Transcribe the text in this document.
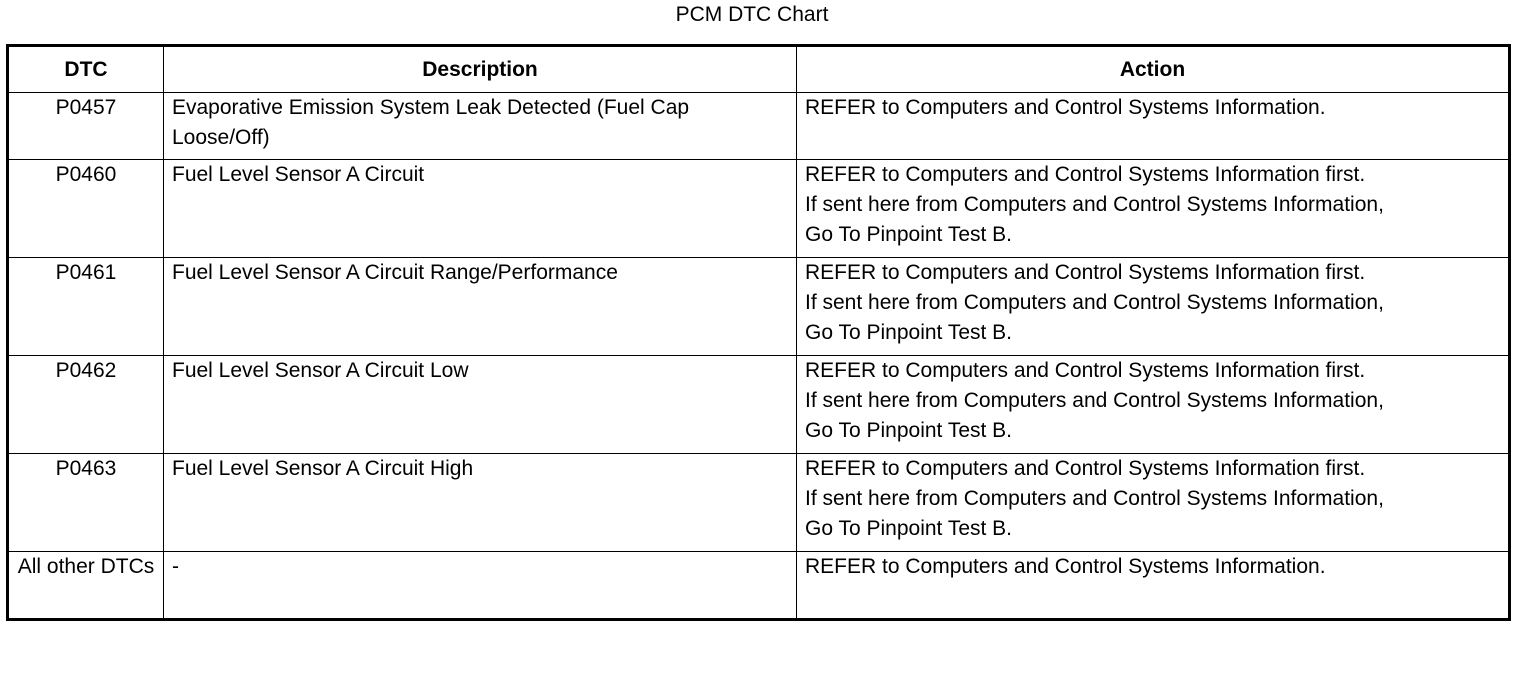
PCM DTC Chart
DTC	Description	Action
P0457	Evaporative Emission System Leak Detected (Fuel Cap Loose/Off)	REFER to Computers and Control Systems Information.

P0460	Fuel Level Sensor A Circuit	REFER to Computers and Control Systems Information first.
If sent here from Computers and Control Systems Information,
Go To Pinpoint Test B.

P0461	Fuel Level Sensor A Circuit Range/Performance	REFER to Computers and Control Systems Information first.
If sent here from Computers and Control Systems Information,
Go To Pinpoint Test B.

P0462	Fuel Level Sensor A Circuit Low	REFER to Computers and Control Systems Information first.
If sent here from Computers and Control Systems Information,
Go To Pinpoint Test B.

P0463	Fuel Level Sensor A Circuit High	REFER to Computers and Control Systems Information first.
If sent here from Computers and Control Systems Information,
Go To Pinpoint Test B.

All other DTCs	-	REFER to Computers and Control Systems Information.
